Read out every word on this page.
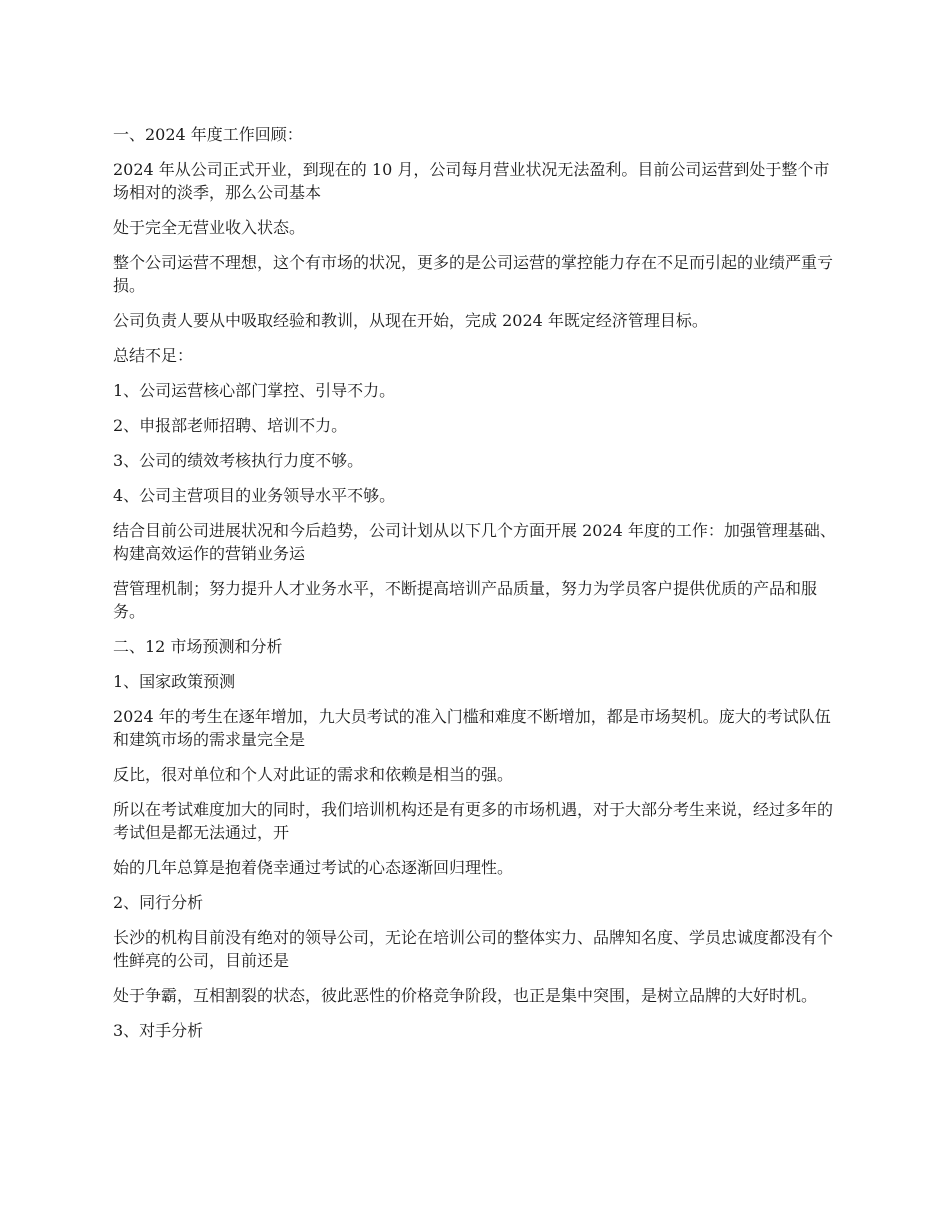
一、2024 年度工作回顾：

2024 年从公司正式开业，到现在的 10 月，公司每月营业状况无法盈利。目前公司运营到处于整个市场相对的淡季，那么公司基本

处于完全无营业收入状态。

整个公司运营不理想，这个有市场的状况，更多的是公司运营的掌控能力存在不足而引起的业绩严重亏损。

公司负责人要从中吸取经验和教训，从现在开始，完成 2024 年既定经济管理目标。

总结不足：

1、公司运营核心部门掌控、引导不力。

2、申报部老师招聘、培训不力。

3、公司的绩效考核执行力度不够。

4、公司主营项目的业务领导水平不够。

结合目前公司进展状况和今后趋势，公司计划从以下几个方面开展 2024 年度的工作：加强管理基础、构建高效运作的营销业务运

营管理机制；努力提升人才业务水平，不断提高培训产品质量，努力为学员客户提供优质的产品和服务。

二、12 市场预测和分析

1、国家政策预测

2024 年的考生在逐年增加，九大员考试的准入门槛和难度不断增加，都是市场契机。庞大的考试队伍和建筑市场的需求量完全是

反比，很对单位和个人对此证的需求和依赖是相当的强。

所以在考试难度加大的同时，我们培训机构还是有更多的市场机遇，对于大部分考生来说，经过多年的考试但是都无法通过，开

始的几年总算是抱着侥幸通过考试的心态逐渐回归理性。

2、同行分析

长沙的机构目前没有绝对的领导公司，无论在培训公司的整体实力、品牌知名度、学员忠诚度都没有个性鲜亮的公司，目前还是

处于争霸，互相割裂的状态，彼此恶性的价格竞争阶段，也正是集中突围，是树立品牌的大好时机。

3、对手分析
